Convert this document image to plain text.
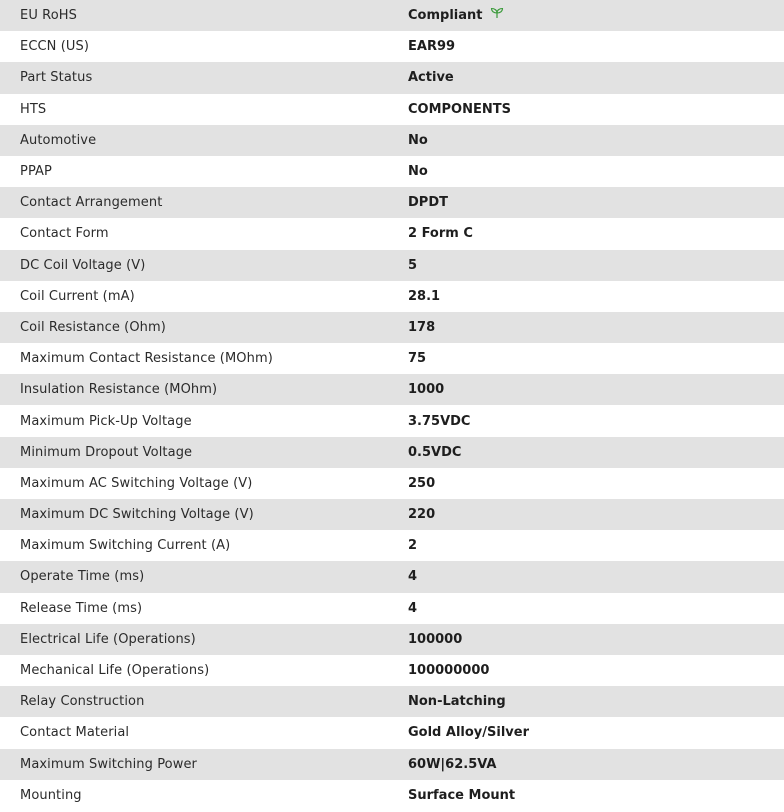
EU RoHS	Compliant
ECCN (US)	EAR99
Part Status	Active
HTS	COMPONENTS
Automotive	No
PPAP	No
Contact Arrangement	DPDT
Contact Form	2 Form C
DC Coil Voltage (V)	5
Coil Current (mA)	28.1
Coil Resistance (Ohm)	178
Maximum Contact Resistance (MOhm)	75
Insulation Resistance (MOhm)	1000
Maximum Pick-Up Voltage	3.75VDC
Minimum Dropout Voltage	0.5VDC
Maximum AC Switching Voltage (V)	250
Maximum DC Switching Voltage (V)	220
Maximum Switching Current (A)	2
Operate Time (ms)	4
Release Time (ms)	4
Electrical Life (Operations)	100000
Mechanical Life (Operations)	100000000
Relay Construction	Non-Latching
Contact Material	Gold Alloy/Silver
Maximum Switching Power	60W|62.5VA
Mounting	Surface Mount
